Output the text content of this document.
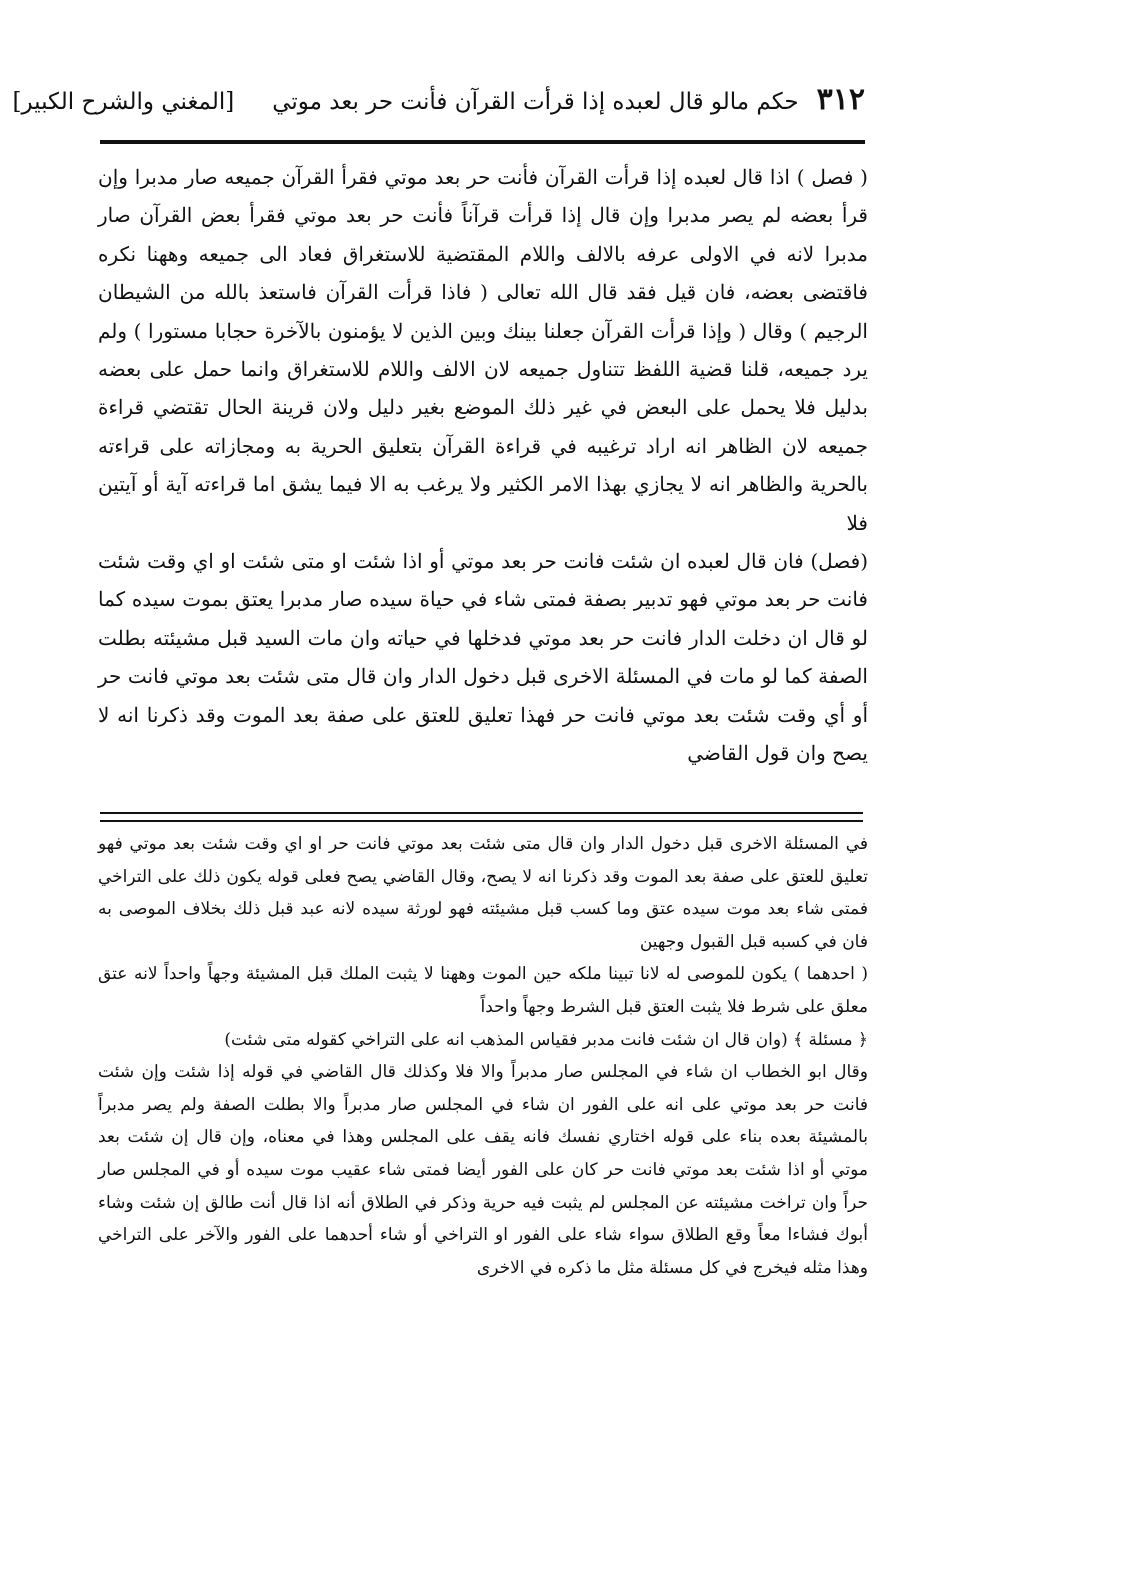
٣١٢
حكم مالو قال لعبده إذا قرأت القرآن فأنت حر بعد موتي
[المغني والشرح الكبير]

( فصل ) اذا قال لعبده إذا قرأت القرآن فأنت حر بعد موتي فقرأ القرآن جميعه صار مدبرا وإن قرأ بعضه لم يصر مدبرا وإن قال إذا قرأت قرآناً فأنت حر بعد موتي فقرأ بعض القرآن صار مدبرا لانه في الاولى عرفه بالالف واللام المقتضية للاستغراق فعاد الى جميعه وههنا نكره فاقتضى بعضه، فان قيل فقد قال الله تعالى ( فاذا قرأت القرآن فاستعذ بالله من الشيطان الرجيم ) وقال ( وإذا قرأت القرآن جعلنا بينك وبين الذين لا يؤمنون بالآخرة حجابا مستورا ) ولم يرد جميعه، قلنا قضية اللفظ تتناول جميعه لان الالف واللام للاستغراق وانما حمل على بعضه بدليل فلا يحمل على البعض في غير ذلك الموضع بغير دليل ولان قرينة الحال تقتضي قراءة جميعه لان الظاهر انه اراد ترغيبه في قراءة القرآن بتعليق الحرية به ومجازاته على قراءته بالحرية والظاهر انه لا يجازي بهذا الامر الكثير ولا يرغب به الا فيما يشق اما قراءته آية أو آيتين فلا

(فصل) فان قال لعبده ان شئت فانت حر بعد موتي أو اذا شئت او متى شئت او اي وقت شئت فانت حر بعد موتي فهو تدبير بصفة فمتى شاء في حياة سيده صار مدبرا يعتق بموت سيده كما لو قال ان دخلت الدار فانت حر بعد موتي فدخلها في حياته وان مات السيد قبل مشيئته بطلت الصفة كما لو مات في المسئلة الاخرى قبل دخول الدار وان قال متى شئت بعد موتي فانت حر أو أي وقت شئت بعد موتي فانت حر فهذا تعليق للعتق على صفة بعد الموت وقد ذكرنا انه لا يصح وان قول القاضي

في المسئلة الاخرى قبل دخول الدار وان قال متى شئت بعد موتي فانت حر او اي وقت شئت بعد موتي فهو تعليق للعتق على صفة بعد الموت وقد ذكرنا انه لا يصح، وقال القاضي يصح فعلى قوله يكون ذلك على التراخي فمتى شاء بعد موت سيده عتق وما كسب قبل مشيئته فهو لورثة سيده لانه عبد قبل ذلك بخلاف الموصى به فان في كسبه قبل القبول وجهين

( احدهما ) يكون للموصى له لانا تبينا ملكه حين الموت وههنا لا يثبت الملك قبل المشيئة وجهاً واحداً لانه عتق معلق على شرط فلا يثبت العتق قبل الشرط وجهاً واحداً

﴿ مسئلة ﴾ (وان قال ان شئت فانت مدبر فقياس المذهب انه على التراخي كقوله متى شئت)

وقال ابو الخطاب ان شاء في المجلس صار مدبراً والا فلا وكذلك قال القاضي في قوله إذا شئت وإن شئت فانت حر بعد موتي على انه على الفور ان شاء في المجلس صار مدبراً والا بطلت الصفة ولم يصر مدبراً بالمشيئة بعده بناء على قوله اختاري نفسك فانه يقف على المجلس وهذا في معناه، وإن قال إن شئت بعد موتي أو اذا شئت بعد موتي فانت حر كان على الفور أيضا فمتى شاء عقيب موت سيده أو في المجلس صار حراً وان تراخت مشيئته عن المجلس لم يثبت فيه حرية وذكر في الطلاق أنه اذا قال أنت طالق إن شئت وشاء أبوك فشاءا معاً وقع الطلاق سواء شاء على الفور او التراخي أو شاء أحدهما على الفور والآخر على التراخي وهذا مثله فيخرج في كل مسئلة مثل ما ذكره في الاخرى
